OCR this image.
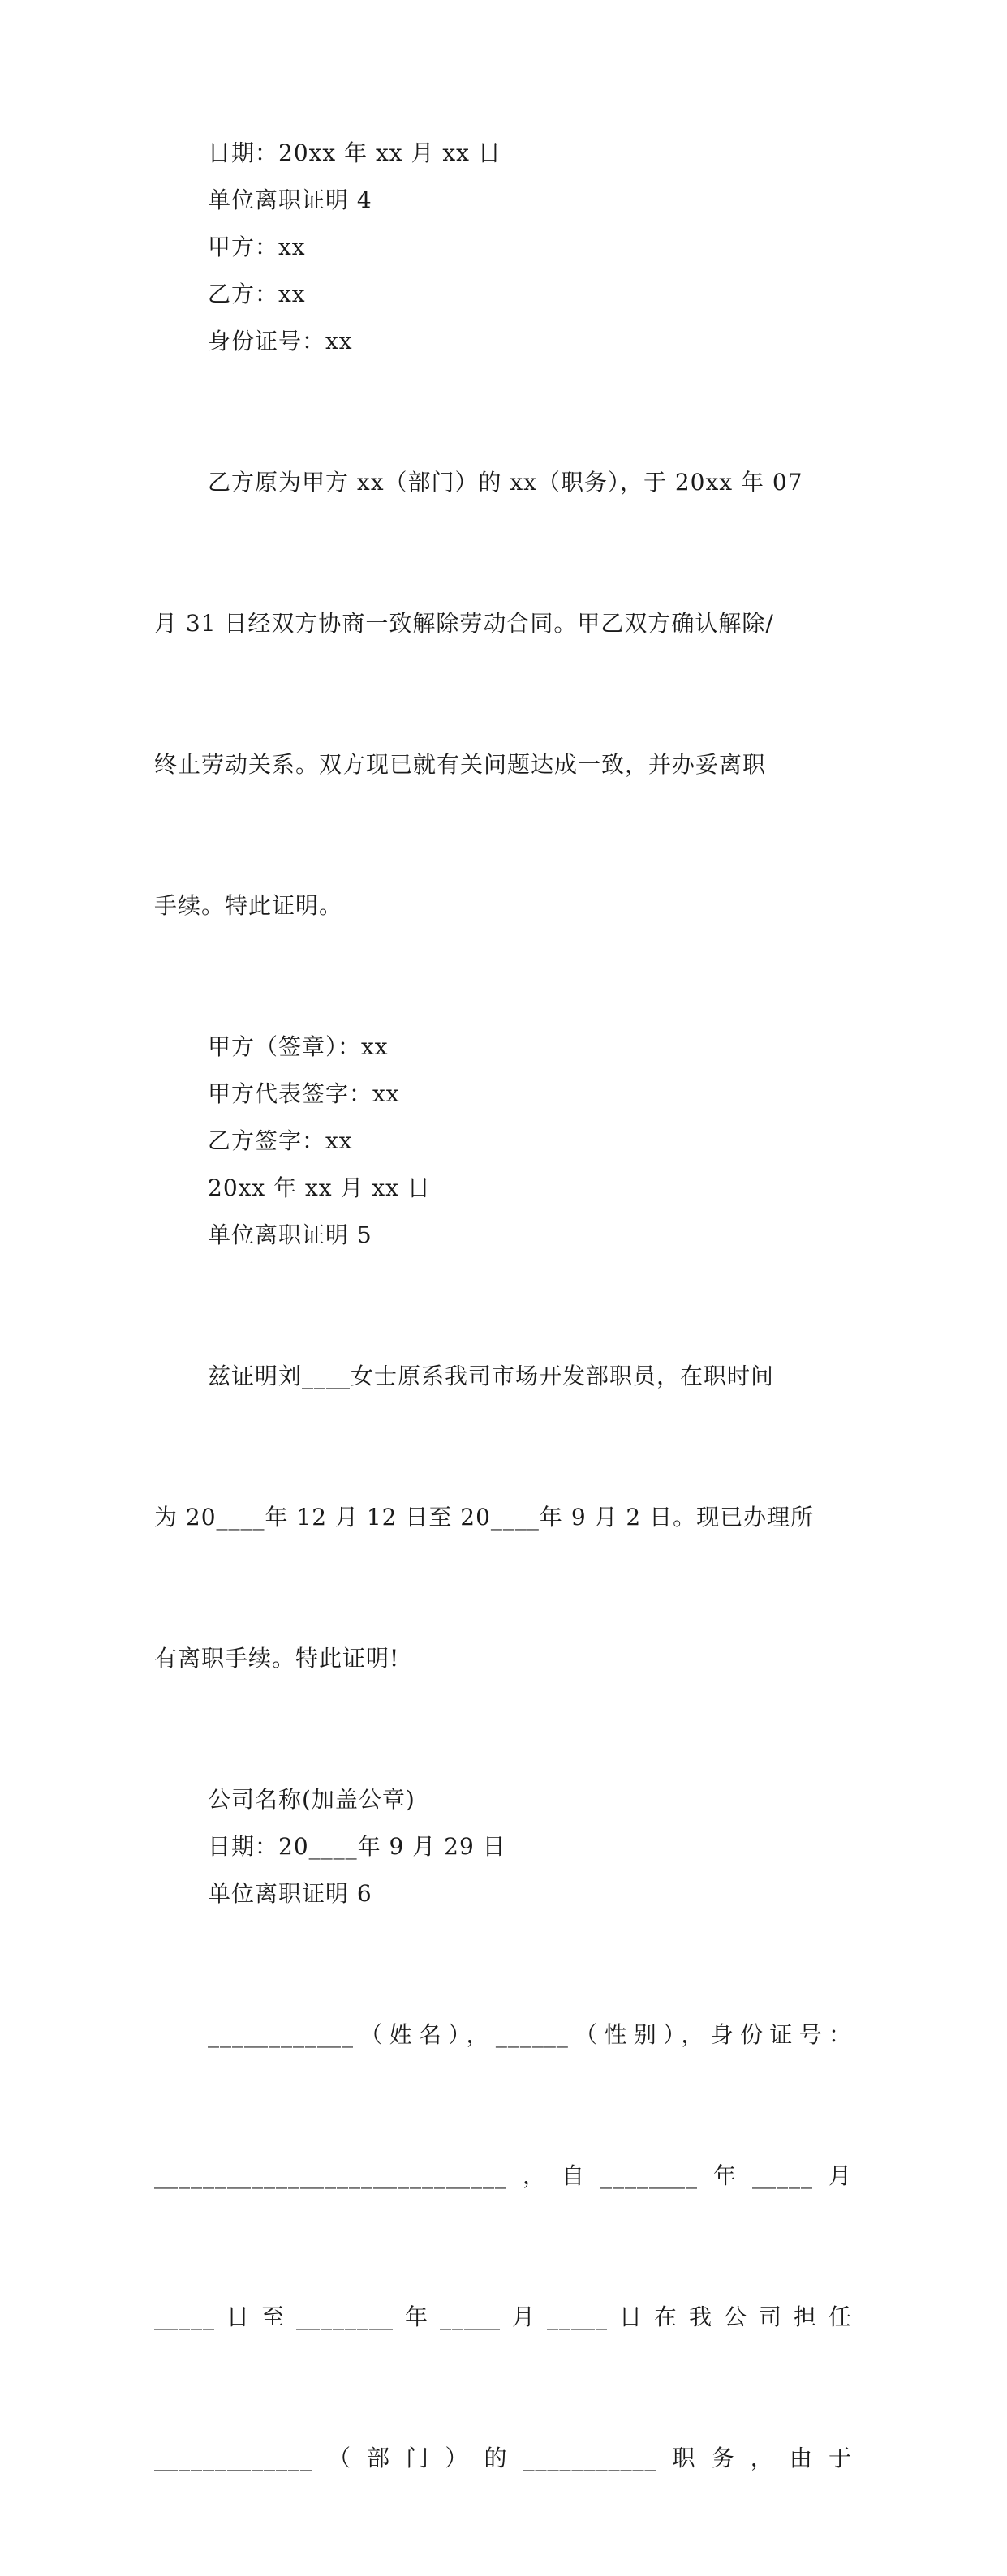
日期：20xx 年 xx 月 xx 日
单位离职证明 4
甲方：xx
乙方：xx
身份证号：xx

乙方原为甲方 xx（部门）的 xx（职务），于 20xx 年 07

月 31 日经双方协商一致解除劳动合同。甲乙双方确认解除/

终止劳动关系。双方现已就有关问题达成一致，并办妥离职

手续。特此证明。

甲方（签章）：xx
甲方代表签字：xx
乙方签字：xx
20xx 年 xx 月 xx 日
单位离职证明 5

兹证明刘____女士原系我司市场开发部职员，在职时间

为 20____年 12 月 12 日至 20____年 9 月 2 日。现已办理所

有离职手续。特此证明!

公司名称(加盖公章)
日期：20____年 9 月 29 日
单位离职证明 6

____________（姓名），______（性别），身份证号：

_____________________________，自________年_____月

_____日至________年_____月_____日在我公司担任

_____________（部门）的___________职务，由于
